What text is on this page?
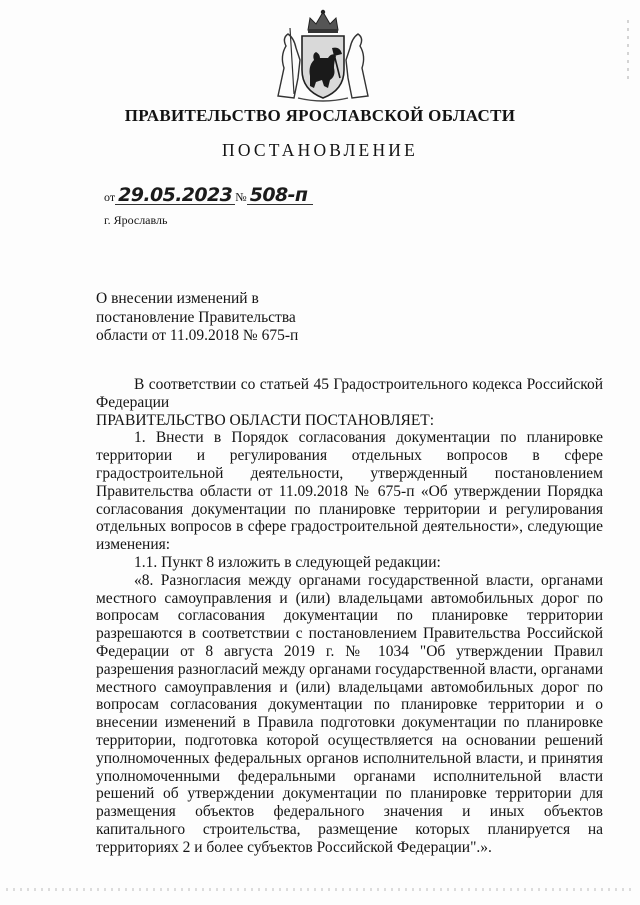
ПРАВИТЕЛЬСТВО ЯРОСЛАВСКОЙ ОБЛАСТИ
ПОСТАНОВЛЕНИЕ
от 29.05.2023 № 508-п
г. Ярославль
О внесении изменений в
постановление Правительства
области от 11.09.2018 № 675-п

В соответствии со статьей 45 Градостроительного кодекса Российской Федерации

ПРАВИТЕЛЬСТВО ОБЛАСТИ ПОСТАНОВЛЯЕТ:

1. Внести в Порядок согласования документации по планировке территории и регулирования отдельных вопросов в сфере градостроительной деятельности, утвержденный постановлением Правительства области от 11.09.2018 № 675-п «Об утверждении Порядка согласования документации по планировке территории и регулирования отдельных вопросов в сфере градостроительной деятельности», следующие изменения:

1.1. Пункт 8 изложить в следующей редакции:

«8. Разногласия между органами государственной власти, органами местного самоуправления и (или) владельцами автомобильных дорог по вопросам согласования документации по планировке территории разрешаются в соответствии с постановлением Правительства Российской Федерации от 8 августа 2019 г. № 1034 "Об утверждении Правил разрешения разногласий между органами государственной власти, органами местного самоуправления и (или) владельцами автомобильных дорог по вопросам согласования документации по планировке территории и о внесении изменений в Правила подготовки документации по планировке территории, подготовка которой осуществляется на основании решений уполномоченных федеральных органов исполнительной власти, и принятия уполномоченными федеральными органами исполнительной власти решений об утверждении документации по планировке территории для размещения объектов федерального значения и иных объектов капитального строительства, размещение которых планируется на территориях 2 и более субъектов Российской Федерации".».
